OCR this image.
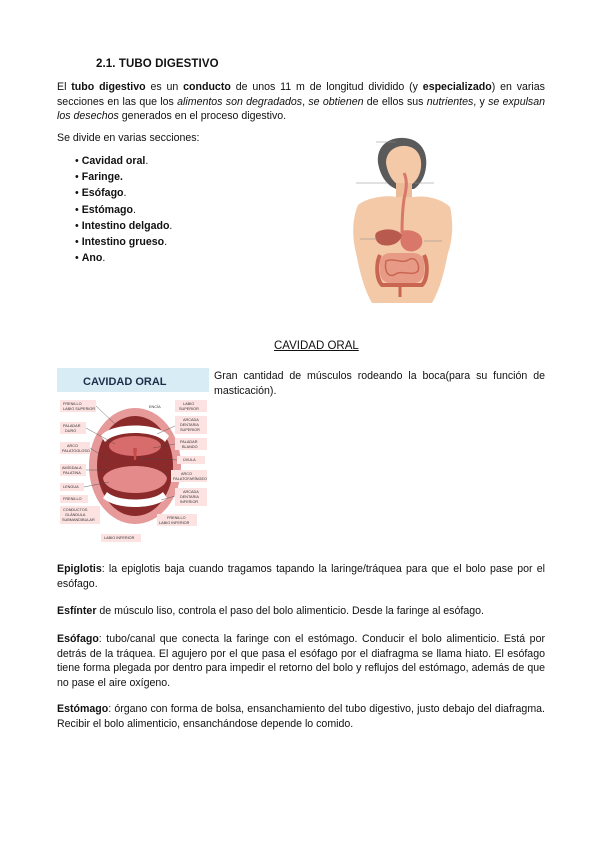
2.1. TUBO DIGESTIVO

El tubo digestivo es un conducto de unos 11 m de longitud dividido (y especializado) en varias secciones en las que los alimentos son degradados, se obtienen de ellos sus nutrientes, y se expulsan los desechos generados en el proceso digestivo.

Se divide en varias secciones:

• Cavidad oral.
• Faringe.
• Esófago.
• Estómago.
• Intestino delgado.
• Intestino grueso.
• Ano.
CAVIDAD ORAL
CAVIDAD ORAL
FRENILLO
LABIO SUPERIOR
PALADAR
DURO
ARCO
PALATOGLOSO
AMÍGDALA
PALATINA
LENGUA
FRENILLO
CONDUCTOS
GLÁNDULA
SUBMANDIBULAR
LABIO INFERIOR
ENCÍA
LABIO
SUPERIOR
ARCADA
DENTARIA
SUPERIOR
PALADAR
BLANDO
ÚVULA
ARCO
PALATOFARÍNGEO
ARCADA
DENTARIA
INFERIOR
FRENILLO
LABIO INFERIOR

Gran cantidad de músculos rodeando la boca(para su función de masticación).

Epiglotis: la epiglotis baja cuando tragamos tapando la laringe/tráquea para que el bolo pase por el esófago.

Esfínter de músculo liso, controla el paso del bolo alimenticio. Desde la faringe al esófago.

Esófago: tubo/canal que conecta la faringe con el estómago. Conducir el bolo alimenticio. Está por detrás de la tráquea. El agujero por el que pasa el esófago por el diafragma se llama hiato. El esófago tiene forma plegada por dentro para impedir el retorno del bolo y reflujos del estómago, además de que no pase el aire oxígeno.

Estómago: órgano con forma de bolsa, ensanchamiento del tubo digestivo, justo debajo del diafragma. Recibir el bolo alimenticio, ensanchándose depende lo comido.
